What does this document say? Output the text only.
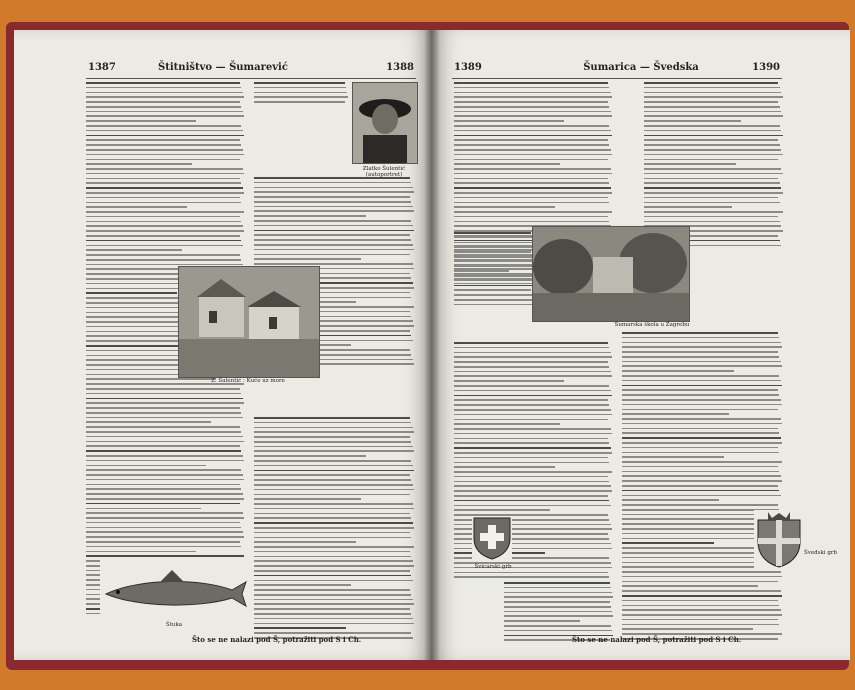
1387	Štitništvo — Šumarević	1388
Zlatko Šulentić
(autoportret)
Z. Šulentić : Kuće uz more
Štuka
Što se ne nalazi pod Š, potražiti pod S i Ch.
1389	Šumarica — Švedska	1390
Šumarska škola u Zagrebu
Švicarski grb
Švedski grb
Što se ne nalazi pod Š, potražiti pod S i Ch.
